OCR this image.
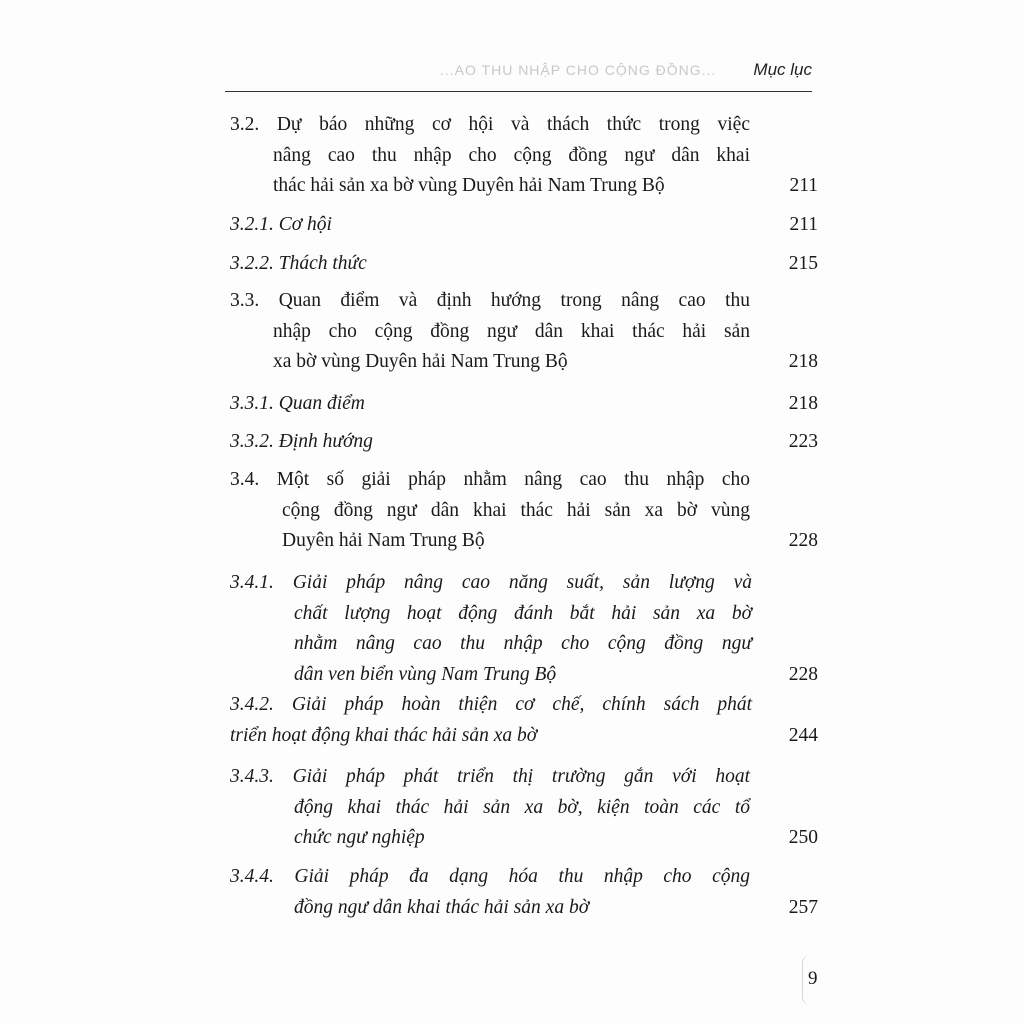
...AO THU NHẬP CHO CỘNG ĐỒNG... Mục lục
3.2. Dự báo những cơ hội và thách thức trong việc
nâng cao thu nhập cho cộng đồng ngư dân khai
thác hải sản xa bờ vùng Duyên hải Nam Trung Bộ	211
3.2.1. Cơ hội	211
3.2.2. Thách thức	215
3.3. Quan điểm và định hướng trong nâng cao thu
nhập cho cộng đồng ngư dân khai thác hải sản
xa bờ vùng Duyên hải Nam Trung Bộ	218
3.3.1. Quan điểm	218
3.3.2. Định hướng	223
3.4. Một số giải pháp nhằm nâng cao thu nhập cho
cộng đồng ngư dân khai thác hải sản xa bờ vùng
Duyên hải Nam Trung Bộ	228
3.4.1. Giải pháp nâng cao năng suất, sản lượng và
chất lượng hoạt động đánh bắt hải sản xa bờ
nhằm nâng cao thu nhập cho cộng đồng ngư
dân ven biển vùng Nam Trung Bộ	228
3.4.2. Giải pháp hoàn thiện cơ chế, chính sách phát
triển hoạt động khai thác hải sản xa bờ	244
3.4.3. Giải pháp phát triển thị trường gắn với hoạt
động khai thác hải sản xa bờ, kiện toàn các tổ
chức ngư nghiệp	250
3.4.4. Giải pháp đa dạng hóa thu nhập cho cộng
đồng ngư dân khai thác hải sản xa bờ	257
9
